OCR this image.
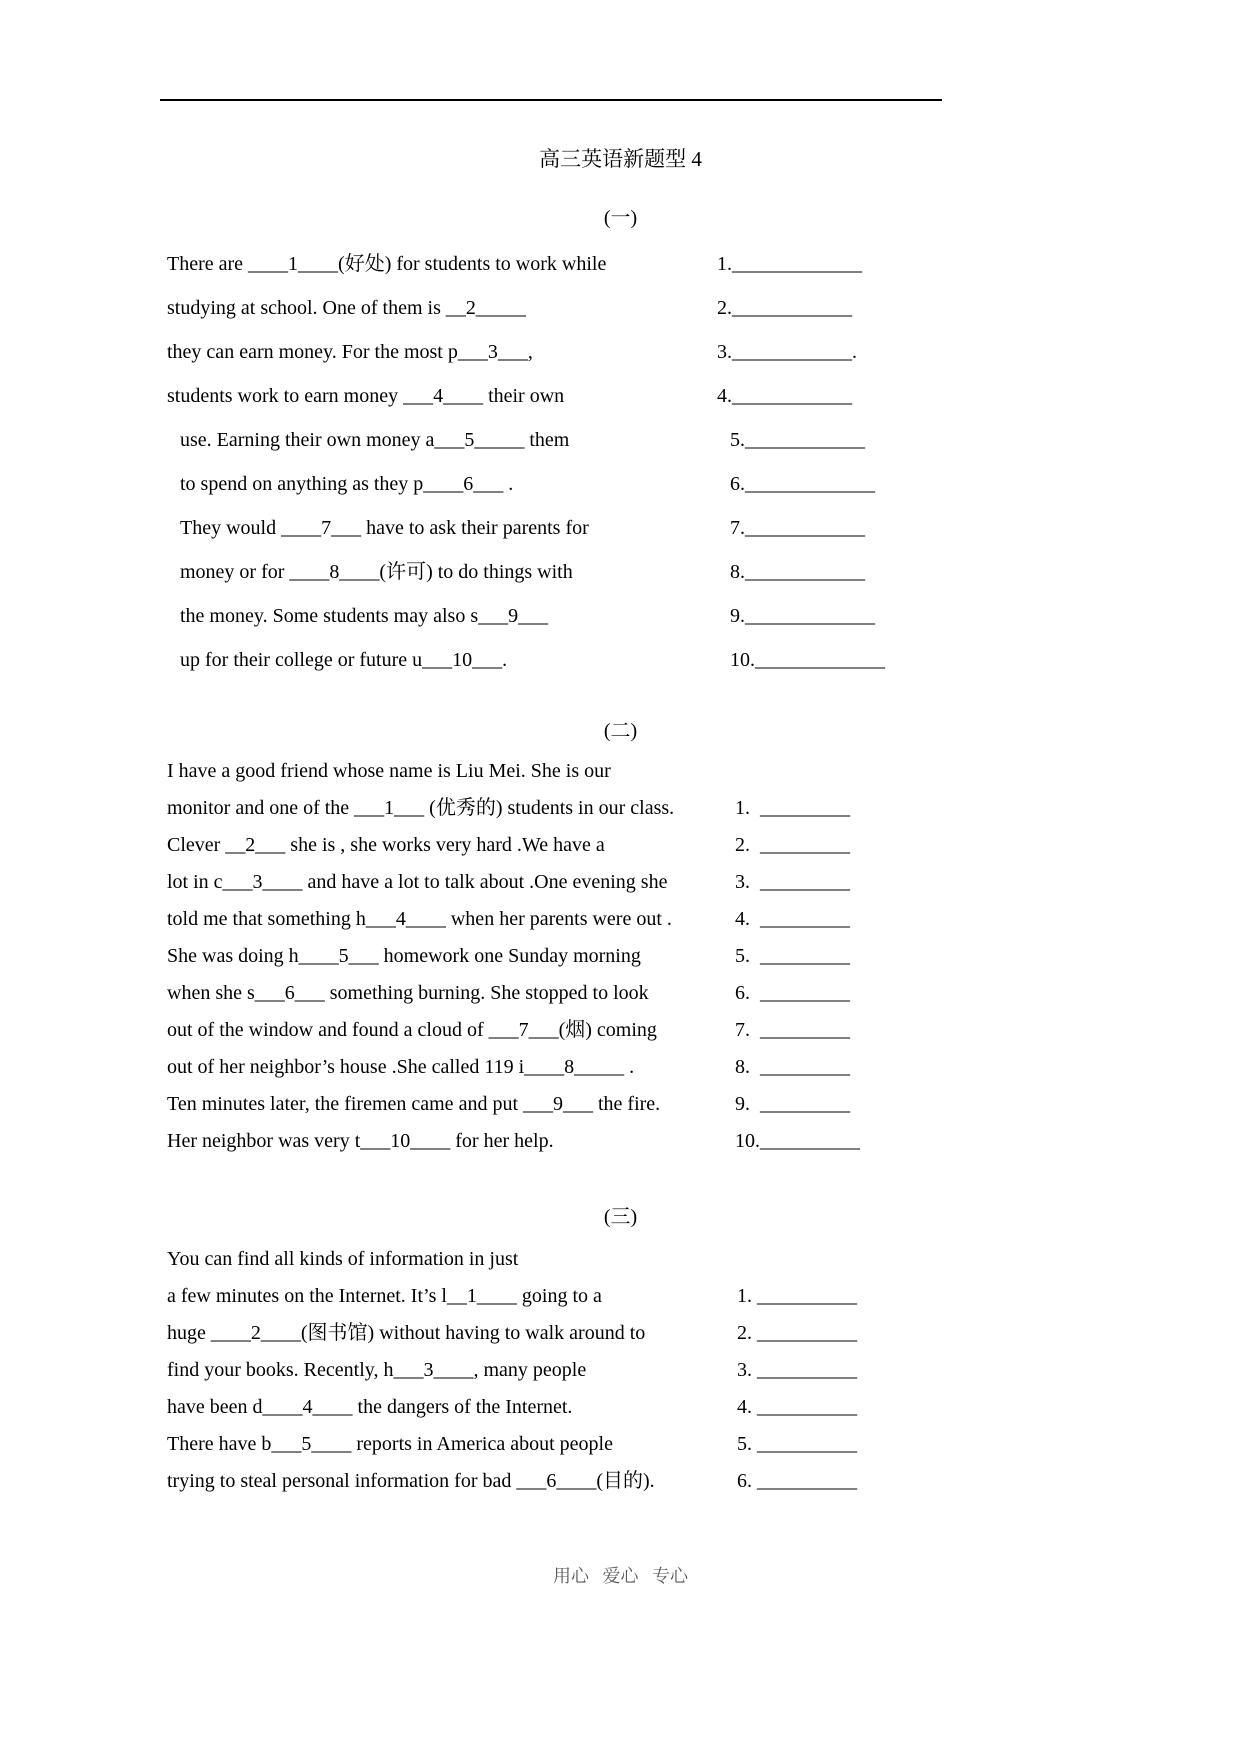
高三英语新题型 4
(一)
There are ____1____(好处) for students to work while	1._____________
studying at school. One of them is __2_____	2.____________
they can earn money. For the most p___3___,	3.____________.
students work to earn money ___4____ their own	4.____________
use. Earning their own money a___5_____ them	5.____________
to spend on anything as they p____6___ .	6._____________
They would ____7___ have to ask their parents for	7.____________
money or for ____8____(许可) to do things with	8.____________
the money. Some students may also s___9___	9._____________
up for their college or future u___10___.	10._____________
(二)
I have a good friend whose name is Liu Mei. She is our
monitor and one of the ___1___ (优秀的) students in our class.	1.  _________
Clever __2___ she is , she works very hard .We have a	2.  _________
lot in c___3____ and have a lot to talk about .One evening she	3.  _________
told me that something h___4____ when her parents were out .	4.  _________
She was doing h____5___ homework one Sunday morning	5.  _________
when she s___6___ something burning. She stopped to look	6.  _________
out of the window and found a cloud of ___7___(烟) coming	7.  _________
out of her neighbor’s house .She called 119 i____8_____ .	8.  _________
Ten minutes later, the firemen came and put ___9___ the fire.	9.  _________
Her neighbor was very t___10____ for her help.	10.__________
(三)
You can find all kinds of information in just
a few minutes on the Internet. It’s l__1____ going to a	1. __________
huge ____2____(图书馆) without having to walk around to	2. __________
find your books. Recently, h___3____, many people	3. __________
have been d____4____ the dangers of the Internet.	4. __________
There have b___5____ reports in America about people	5. __________
trying to steal personal information for bad ___6____(目的).	6. __________
用心   爱心   专心
